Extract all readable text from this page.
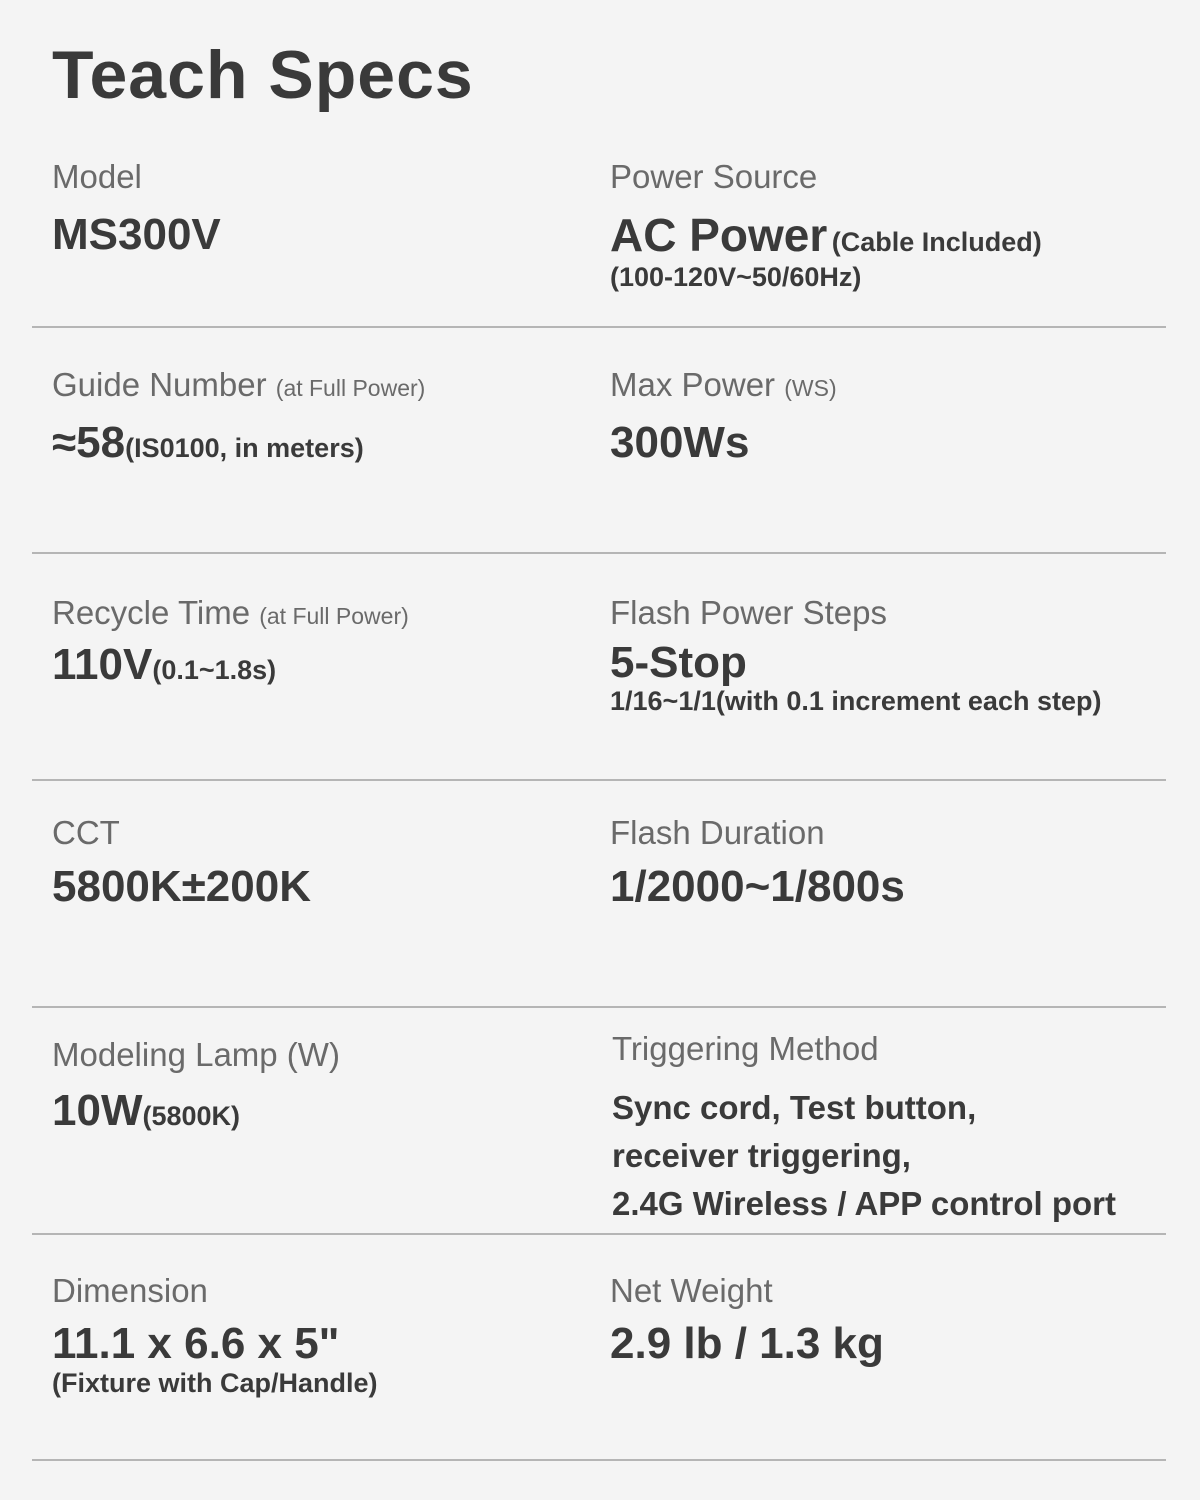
Teach Specs
Model
MS300V
Power Source
AC Power (Cable Included)
(100-120V~50/60Hz)
Guide Number (at Full Power)
≈58(IS0100, in meters)
Max Power (WS)
300Ws
Recycle Time (at Full Power)
110V(0.1~1.8s)
Flash Power Steps
5-Stop
1/16~1/1(with 0.1 increment each step)
CCT
5800K±200K
Flash Duration
1/2000~1/800s
Modeling Lamp (W)
10W(5800K)
Triggering Method
Sync cord, Test button,
receiver triggering,
2.4G Wireless / APP control port
Dimension
11.1 x 6.6 x 5"
(Fixture with Cap/Handle)
Net Weight
2.9 lb / 1.3 kg
